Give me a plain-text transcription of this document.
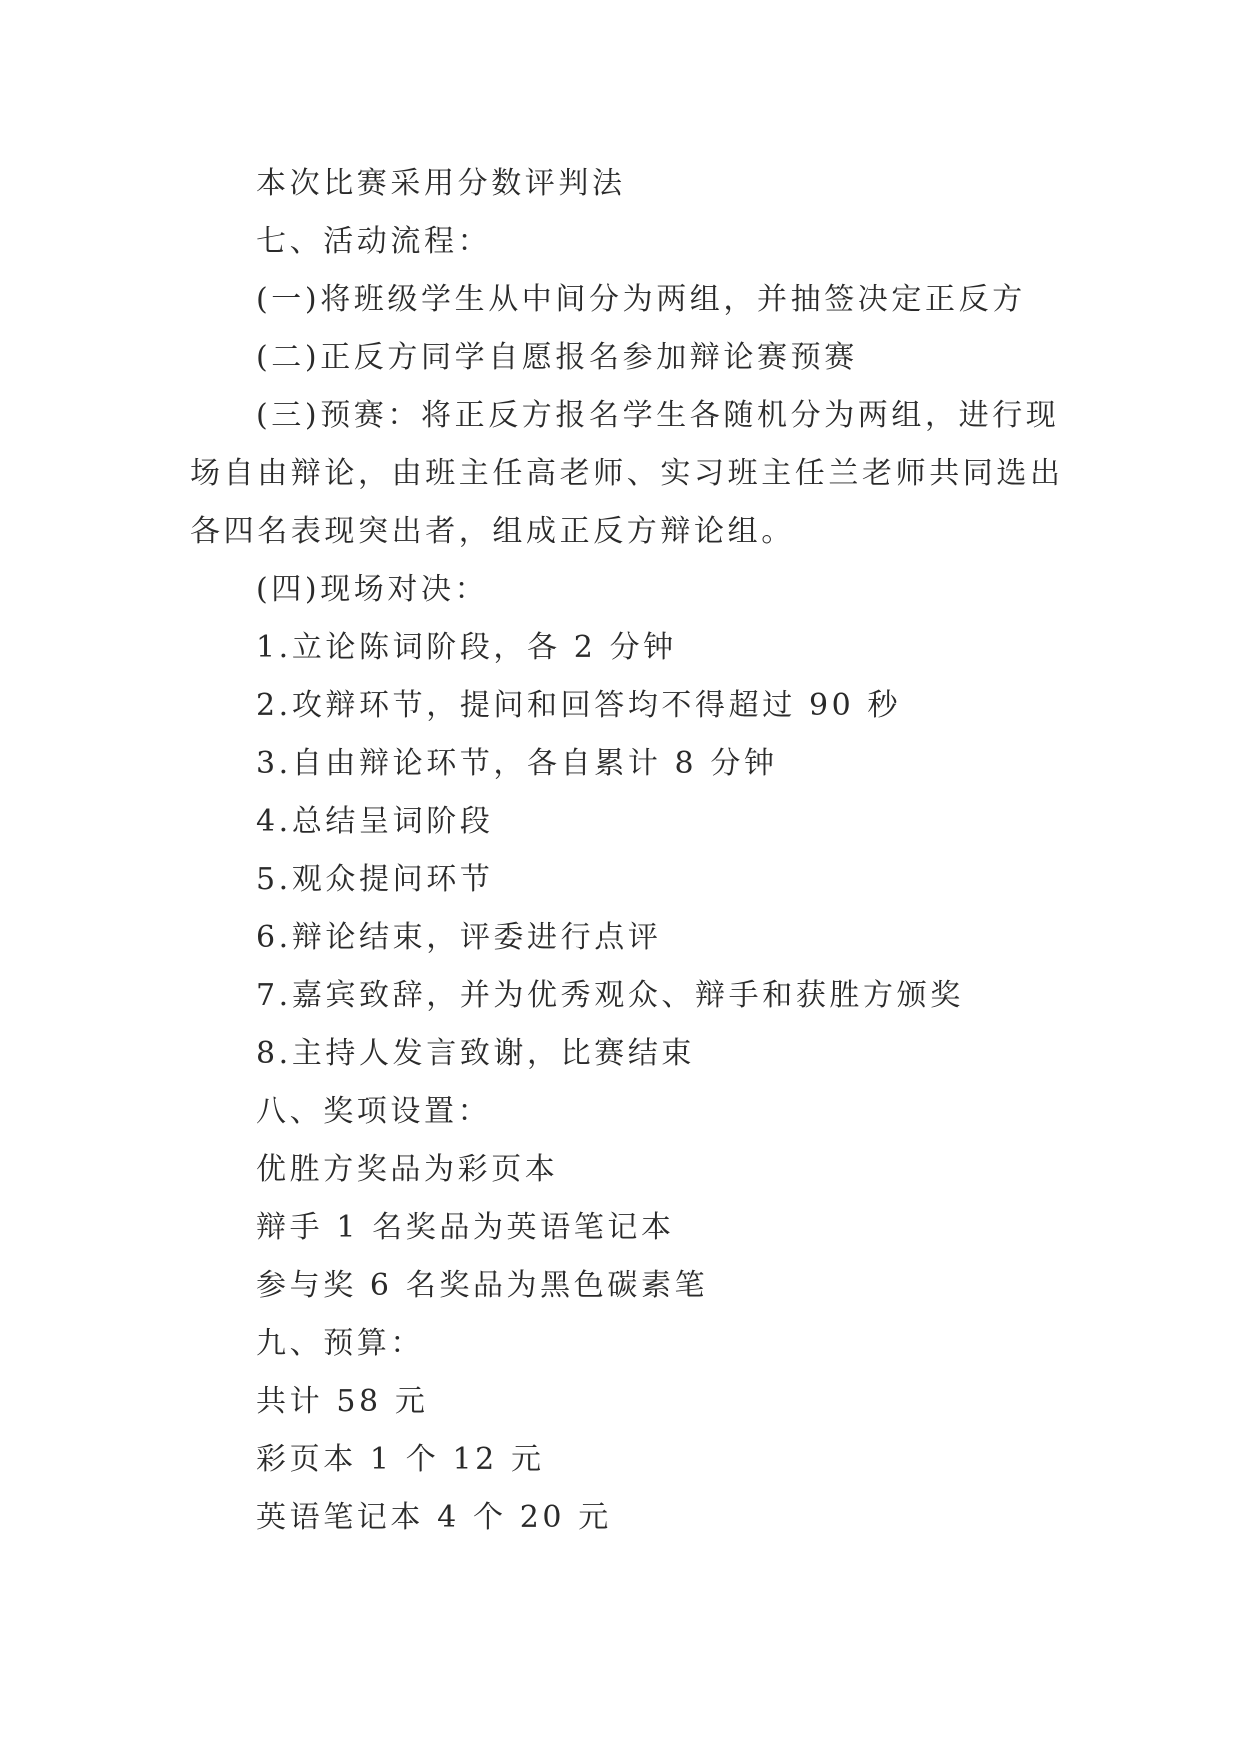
本次比赛采用分数评判法
七、活动流程：
(一)将班级学生从中间分为两组，并抽签决定正反方
(二)正反方同学自愿报名参加辩论赛预赛
(三)预赛：将正反方报名学生各随机分为两组，进行现
场自由辩论，由班主任高老师、实习班主任兰老师共同选出
各四名表现突出者，组成正反方辩论组。
(四)现场对决：
1.立论陈词阶段，各 2 分钟
2.攻辩环节，提问和回答均不得超过 90 秒
3.自由辩论环节，各自累计 8 分钟
4.总结呈词阶段
5.观众提问环节
6.辩论结束，评委进行点评
7.嘉宾致辞，并为优秀观众、辩手和获胜方颁奖
8.主持人发言致谢，比赛结束
八、奖项设置：
优胜方奖品为彩页本
辩手 1 名奖品为英语笔记本
参与奖 6 名奖品为黑色碳素笔
九、预算：
共计 58 元
彩页本 1 个 12 元
英语笔记本 4 个 20 元
